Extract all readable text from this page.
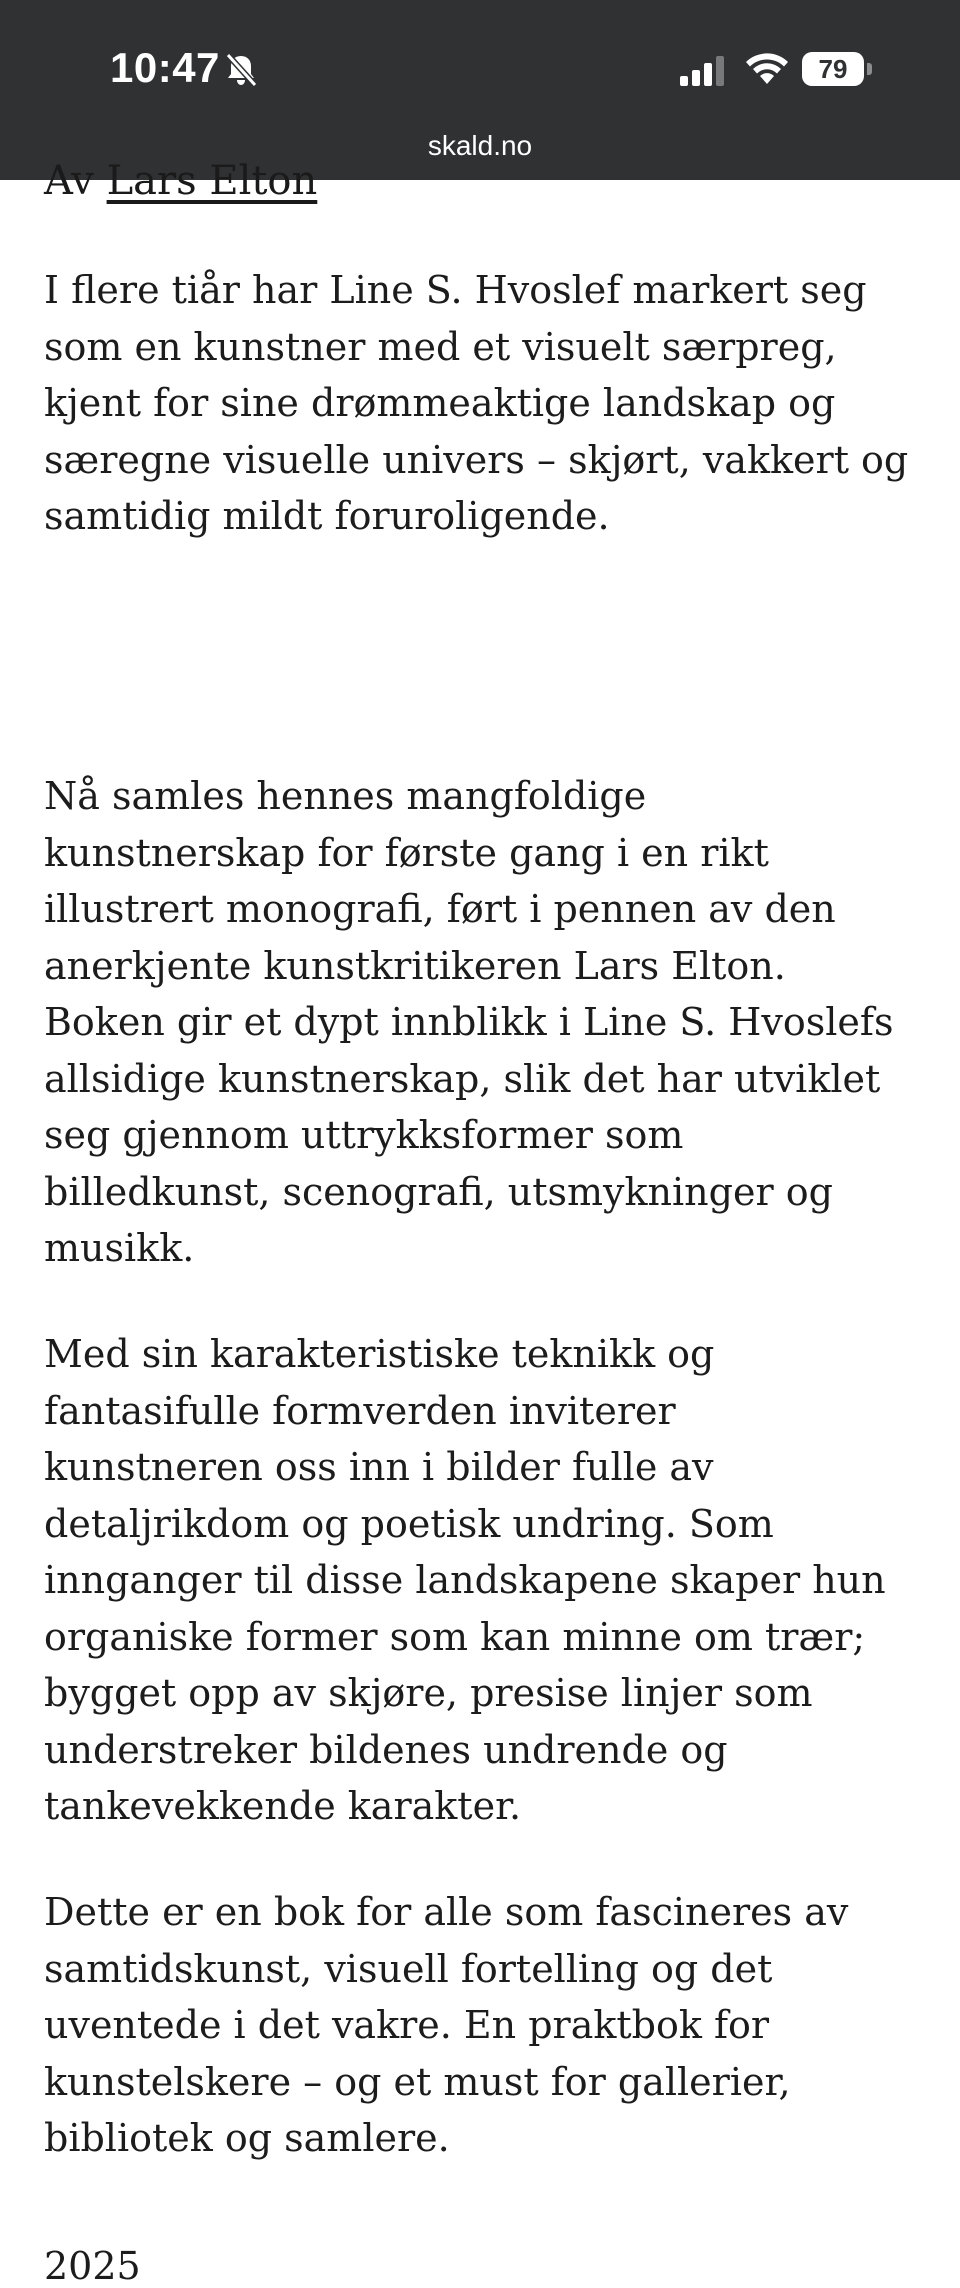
10:47	79
skald.no
Av Lars Elton

I flere tiår har Line S. Hvoslef markert seg
som en kunstner med et visuelt særpreg,
kjent for sine drømmeaktige landskap og
særegne visuelle univers – skjørt, vakkert og
samtidig mildt foruroligende.

Nå samles hennes mangfoldige
kunstnerskap for første gang i en rikt
illustrert monografi, ført i pennen av den
anerkjente kunstkritikeren Lars Elton.
Boken gir et dypt innblikk i Line S. Hvoslefs
allsidige kunstnerskap, slik det har utviklet
seg gjennom uttrykksformer som
billedkunst, scenografi, utsmykninger og
musikk.

Med sin karakteristiske teknikk og
fantasifulle formverden inviterer
kunstneren oss inn i bilder fulle av
detaljrikdom og poetisk undring. Som
innganger til disse landskapene skaper hun
organiske former som kan minne om trær;
bygget opp av skjøre, presise linjer som
understreker bildenes undrende og
tankevekkende karakter.

Dette er en bok for alle som fascineres av
samtidskunst, visuell fortelling og det
uventede i det vakre. En praktbok for
kunstelskere – og et must for gallerier,
bibliotek og samlere.

2025
